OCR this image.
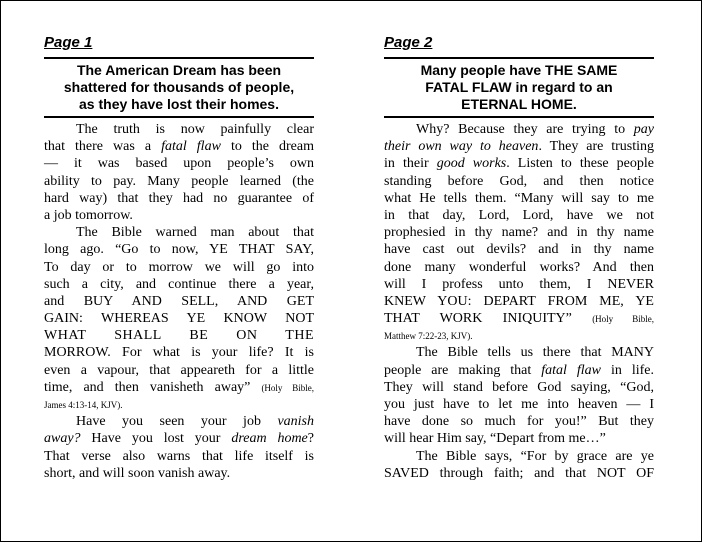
Page 1
The American Dream has been
shattered for thousands of people,
as they have lost their homes.
The truth is now painfully clear
that there was a fatal flaw to the dream
— it was based upon people’s own
ability to pay. Many people learned (the
hard way) that they had no guarantee of
a job tomorrow.
The Bible warned man about that
long ago. “Go to now, YE THAT SAY,
To day or to morrow we will go into
such a city, and continue there a year,
and BUY AND SELL, AND GET
GAIN: WHEREAS YE KNOW NOT
WHAT SHALL BE ON THE
MORROW. For what is your life? It is
even a vapour, that appeareth for a little
time, and then vanisheth away” (Holy Bible,
James 4:13-14, KJV).
Have you seen your job vanish
away? Have you lost your dream home?
That verse also warns that life itself is
short, and will soon vanish away.
Page 2
Many people have THE SAME
FATAL FLAW in regard to an
ETERNAL HOME.
Why? Because they are trying to pay
their own way to heaven. They are trusting
in their good works. Listen to these people
standing before God, and then notice
what He tells them. “Many will say to me
in that day, Lord, Lord, have we not
prophesied in thy name? and in thy name
have cast out devils? and in thy name
done many wonderful works? And then
will I profess unto them, I NEVER
KNEW YOU: DEPART FROM ME, YE
THAT WORK INIQUITY” (Holy Bible,
Matthew 7:22-23, KJV).
The Bible tells us there that MANY
people are making that fatal flaw in life.
They will stand before God saying, “God,
you just have to let me into heaven — I
have done so much for you!” But they
will hear Him say, “Depart from me…”
The Bible says, “For by grace are ye
SAVED through faith; and that NOT OF
